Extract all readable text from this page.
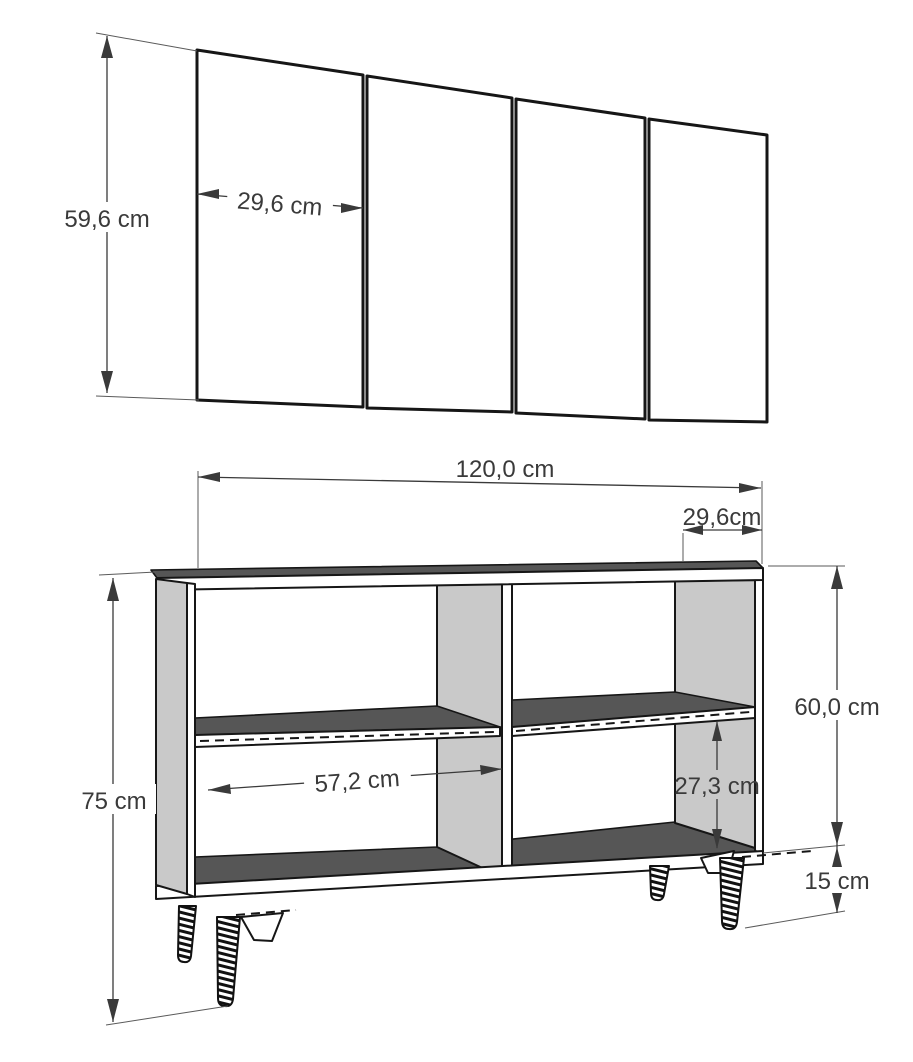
59,6 cm	29,6 cm
120,0 cm
29,6cm
60,0 cm
15 cm
27,3 cm
75 cm
57,2 cm
